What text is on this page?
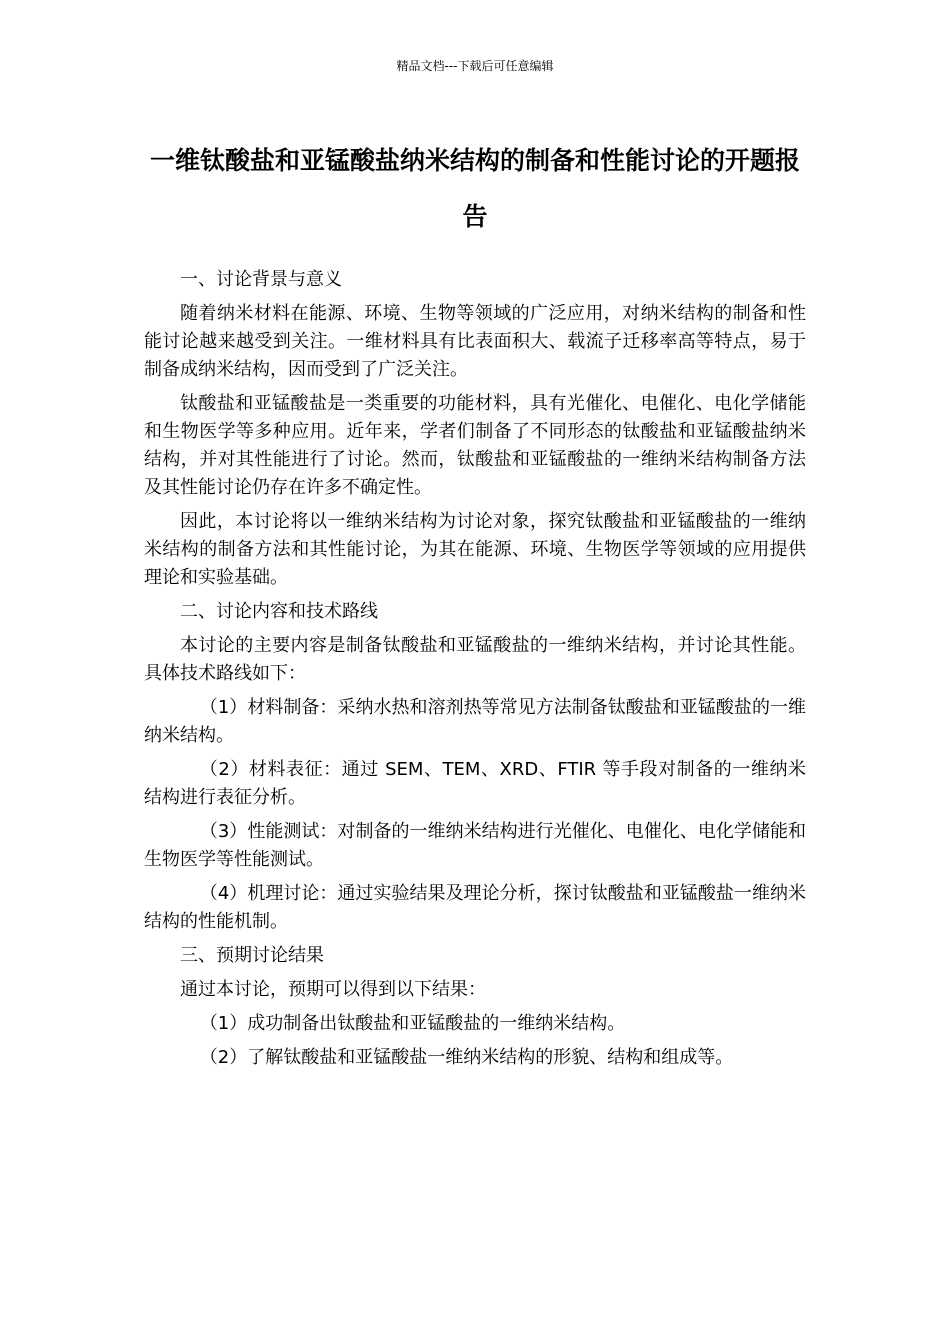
精品文档---下载后可任意编辑
一维钛酸盐和亚锰酸盐纳米结构的制备和性能讨论的开题报告

一、讨论背景与意义

随着纳米材料在能源、环境、生物等领域的广泛应用，对纳米结构的制备和性能讨论越来越受到关注。一维材料具有比表面积大、载流子迁移率高等特点，易于制备成纳米结构，因而受到了广泛关注。

钛酸盐和亚锰酸盐是一类重要的功能材料，具有光催化、电催化、电化学储能和生物医学等多种应用。近年来，学者们制备了不同形态的钛酸盐和亚锰酸盐纳米结构，并对其性能进行了讨论。然而，钛酸盐和亚锰酸盐的一维纳米结构制备方法及其性能讨论仍存在许多不确定性。

因此，本讨论将以一维纳米结构为讨论对象，探究钛酸盐和亚锰酸盐的一维纳米结构的制备方法和其性能讨论，为其在能源、环境、生物医学等领域的应用提供理论和实验基础。

二、讨论内容和技术路线

本讨论的主要内容是制备钛酸盐和亚锰酸盐的一维纳米结构，并讨论其性能。具体技术路线如下：

（1）材料制备：采纳水热和溶剂热等常见方法制备钛酸盐和亚锰酸盐的一维纳米结构。

（2）材料表征：通过 SEM、TEM、XRD、FTIR 等手段对制备的一维纳米结构进行表征分析。

（3）性能测试：对制备的一维纳米结构进行光催化、电催化、电化学储能和生物医学等性能测试。

（4）机理讨论：通过实验结果及理论分析，探讨钛酸盐和亚锰酸盐一维纳米结构的性能机制。

三、预期讨论结果

通过本讨论，预期可以得到以下结果：

（1）成功制备出钛酸盐和亚锰酸盐的一维纳米结构。

（2）了解钛酸盐和亚锰酸盐一维纳米结构的形貌、结构和组成等。
